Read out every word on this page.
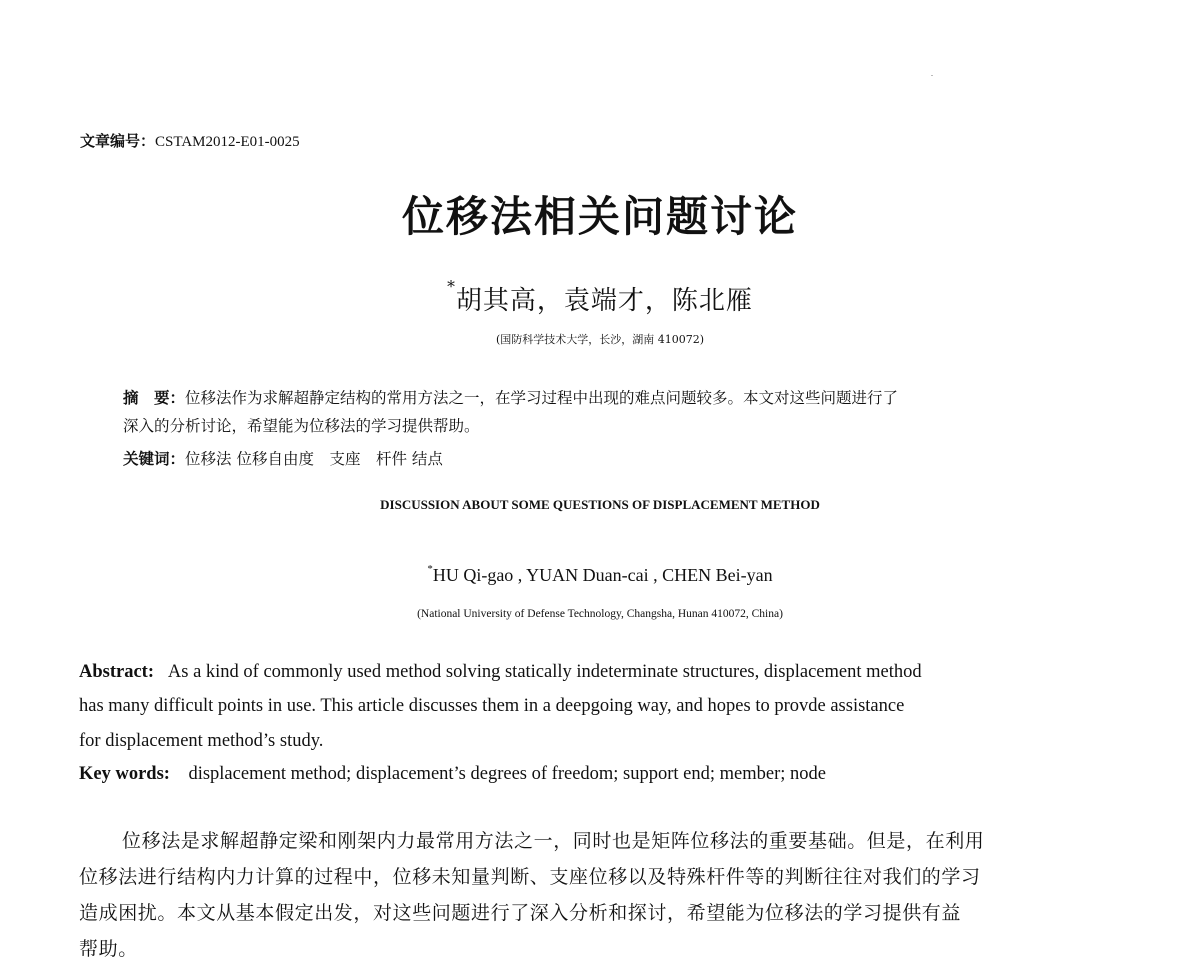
文章编号：CSTAM2012-E01-0025
位移法相关问题讨论
*胡其高，袁端才，陈北雁
(国防科学技术大学，长沙，湖南 410072)
摘　要：位移法作为求解超静定结构的常用方法之一，在学习过程中出现的难点问题较多。本文对这些问题进行了
深入的分析讨论，希望能为位移法的学习提供帮助。
关键词：位移法 位移自由度　支座　杆件 结点
DISCUSSION ABOUT SOME QUESTIONS OF DISPLACEMENT METHOD
*HU Qi-gao , YUAN Duan-cai , CHEN Bei-yan
(National University of Defense Technology, Changsha, Hunan 410072, China)
Abstract: As a kind of commonly used method solving statically indeterminate structures, displacement method
has many difficult points in use. This article discusses them in a deepgoing way, and hopes to provde assistance
for displacement method’s study.
Key words: displacement method; displacement’s degrees of freedom; support end; member; node
位移法是求解超静定梁和刚架内力最常用方法之一，同时也是矩阵位移法的重要基础。但是，在利用
位移法进行结构内力计算的过程中，位移未知量判断、支座位移以及特殊杆件等的判断往往对我们的学习
造成困扰。本文从基本假定出发，对这些问题进行了深入分析和探讨，希望能为位移法的学习提供有益
帮助。
